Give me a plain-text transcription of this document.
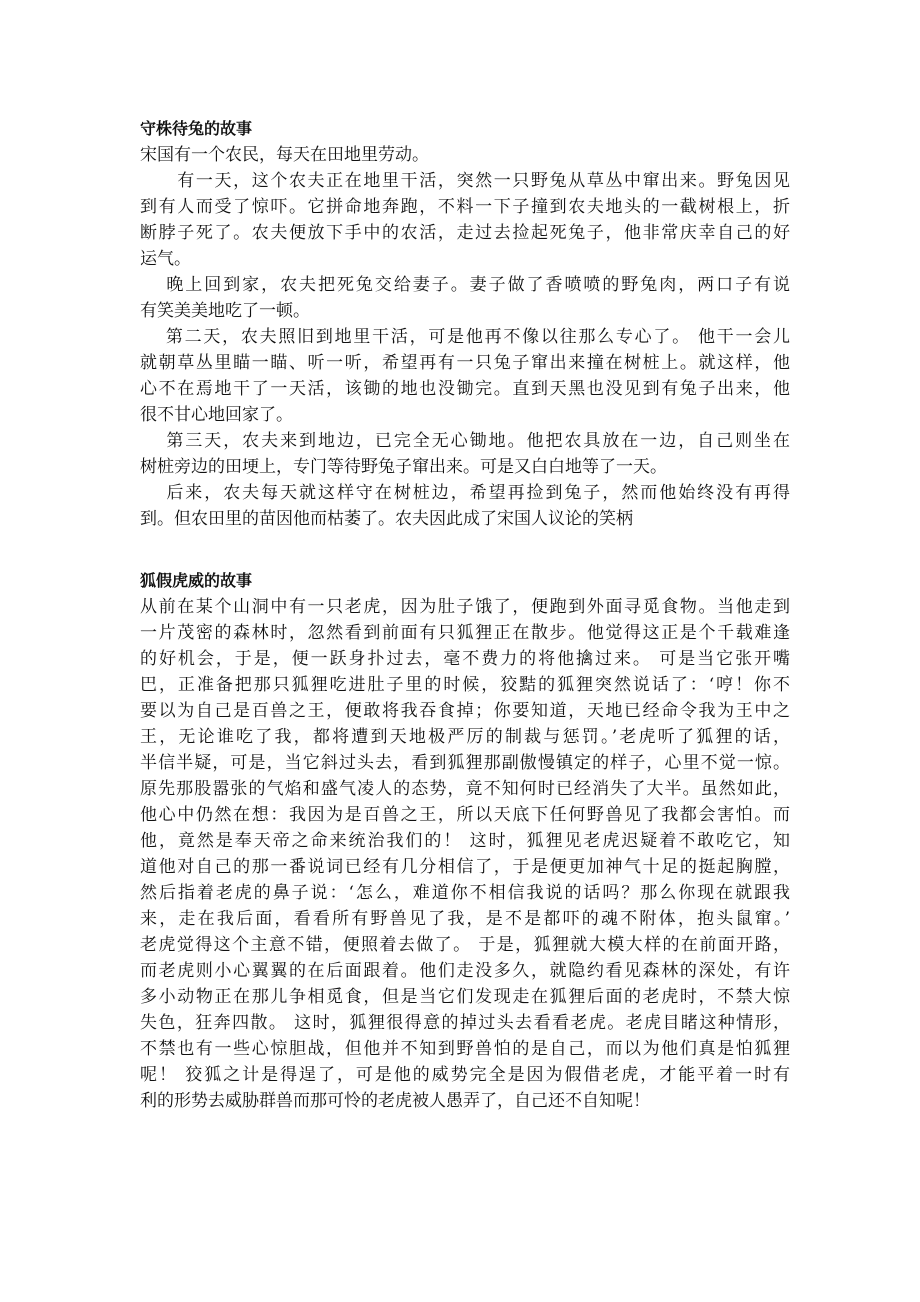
守株待兔的故事
宋国有一个农民，每天在田地里劳动。
　　有一天，这个农夫正在地里干活，突然一只野兔从草丛中窜出来。野兔因见
到有人而受了惊吓。它拼命地奔跑，不料一下子撞到农夫地头的一截树根上，折
断脖子死了。农夫便放下手中的农活，走过去捡起死兔子，他非常庆幸自己的好
运气。
　 晚上回到家，农夫把死兔交给妻子。妻子做了香喷喷的野兔肉，两口子有说
有笑美美地吃了一顿。
　 第二天，农夫照旧到地里干活，可是他再不像以往那么专心了。 他干一会儿
就朝草丛里瞄一瞄、听一听，希望再有一只兔子窜出来撞在树桩上。就这样，他
心不在焉地干了一天活，该锄的地也没锄完。直到天黑也没见到有兔子出来，他
很不甘心地回家了。
　 第三天，农夫来到地边，已完全无心锄地。他把农具放在一边，自己则坐在
树桩旁边的田埂上，专门等待野兔子窜出来。可是又白白地等了一天。
　 后来，农夫每天就这样守在树桩边，希望再捡到兔子，然而他始终没有再得
到。但农田里的苗因他而枯萎了。农夫因此成了宋国人议论的笑柄
狐假虎威的故事
从前在某个山洞中有一只老虎，因为肚子饿了，便跑到外面寻觅食物。当他走到
一片茂密的森林时，忽然看到前面有只狐狸正在散步。他觉得这正是个千载难逢
的好机会，于是，便一跃身扑过去，毫不费力的将他擒过来。 可是当它张开嘴
巴，正准备把那只狐狸吃进肚子里的时候，狡黠的狐狸突然说话了：‘哼！你不
要以为自己是百兽之王，便敢将我吞食掉；你要知道，天地已经命令我为王中之
王，无论谁吃了我，都将遭到天地极严厉的制裁与惩罚。’老虎听了狐狸的话，
半信半疑，可是，当它斜过头去，看到狐狸那副傲慢镇定的样子，心里不觉一惊。
原先那股嚣张的气焰和盛气凌人的态势，竟不知何时已经消失了大半。虽然如此，
他心中仍然在想：我因为是百兽之王，所以天底下任何野兽见了我都会害怕。而
他，竟然是奉天帝之命来统治我们的！ 这时，狐狸见老虎迟疑着不敢吃它，知
道他对自己的那一番说词已经有几分相信了，于是便更加神气十足的挺起胸膛，
然后指着老虎的鼻子说：‘怎么，难道你不相信我说的话吗？那么你现在就跟我
来，走在我后面，看看所有野兽见了我，是不是都吓的魂不附体，抱头鼠窜。’
老虎觉得这个主意不错，便照着去做了。 于是，狐狸就大模大样的在前面开路，
而老虎则小心翼翼的在后面跟着。他们走没多久，就隐约看见森林的深处，有许
多小动物正在那儿争相觅食，但是当它们发现走在狐狸后面的老虎时，不禁大惊
失色，狂奔四散。 这时，狐狸很得意的掉过头去看看老虎。老虎目睹这种情形，
不禁也有一些心惊胆战，但他并不知到野兽怕的是自己，而以为他们真是怕狐狸
呢！ 狡狐之计是得逞了，可是他的威势完全是因为假借老虎，才能平着一时有
利的形势去威胁群兽而那可怜的老虎被人愚弄了，自己还不自知呢！
